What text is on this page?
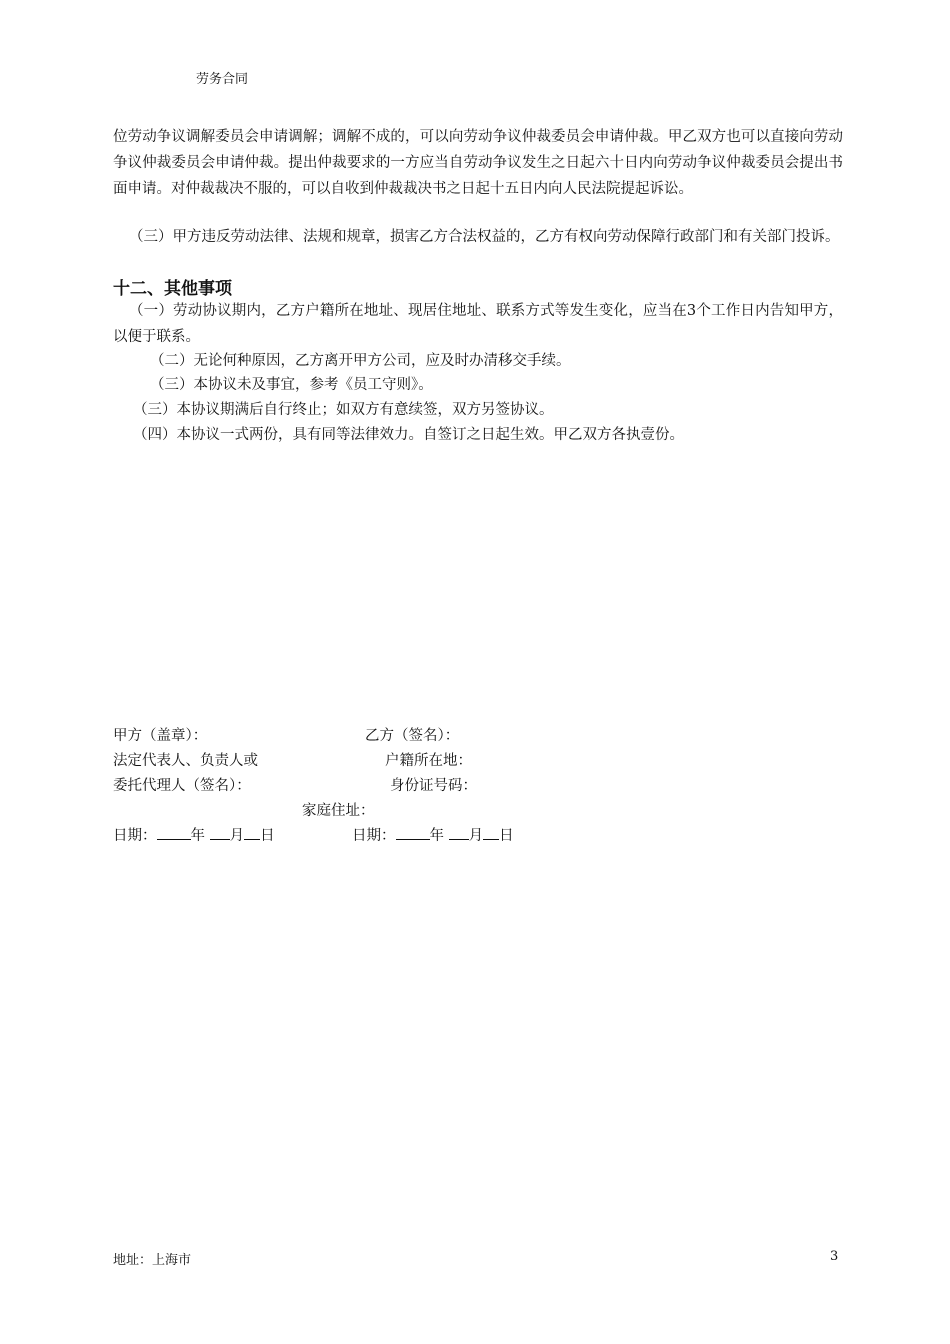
劳务合同
位劳动争议调解委员会申请调解；调解不成的，可以向劳动争议仲裁委员会申请仲裁。甲乙双方也可以直接向劳动争议仲裁委员会申请仲裁。提出仲裁要求的一方应当自劳动争议发生之日起六十日内向劳动争议仲裁委员会提出书面申请。对仲裁裁决不服的，可以自收到仲裁裁决书之日起十五日内向人民法院提起诉讼。
（三）甲方违反劳动法律、法规和规章，损害乙方合法权益的，乙方有权向劳动保障行政部门和有关部门投诉。
十二、其他事项
（一）劳动协议期内，乙方户籍所在地址、现居住地址、联系方式等发生变化，应当在3个工作日内告知甲方，以便于联系。
（二）无论何种原因，乙方离开甲方公司，应及时办清移交手续。
（三）本协议未及事宜，参考《员工守则》。
（三）本协议期满后自行终止；如双方有意续签，双方另签协议。
（四）本协议一式两份，具有同等法律效力。自签订之日起生效。甲乙双方各执壹份。
甲方（盖章）：	乙方（签名）：
法定代表人、负责人或	户籍所在地：
委托代理人（签名）：	身份证号码：
家庭住址：
日期： 年 月 日	日期： 年 月 日
地址：上海市	3
